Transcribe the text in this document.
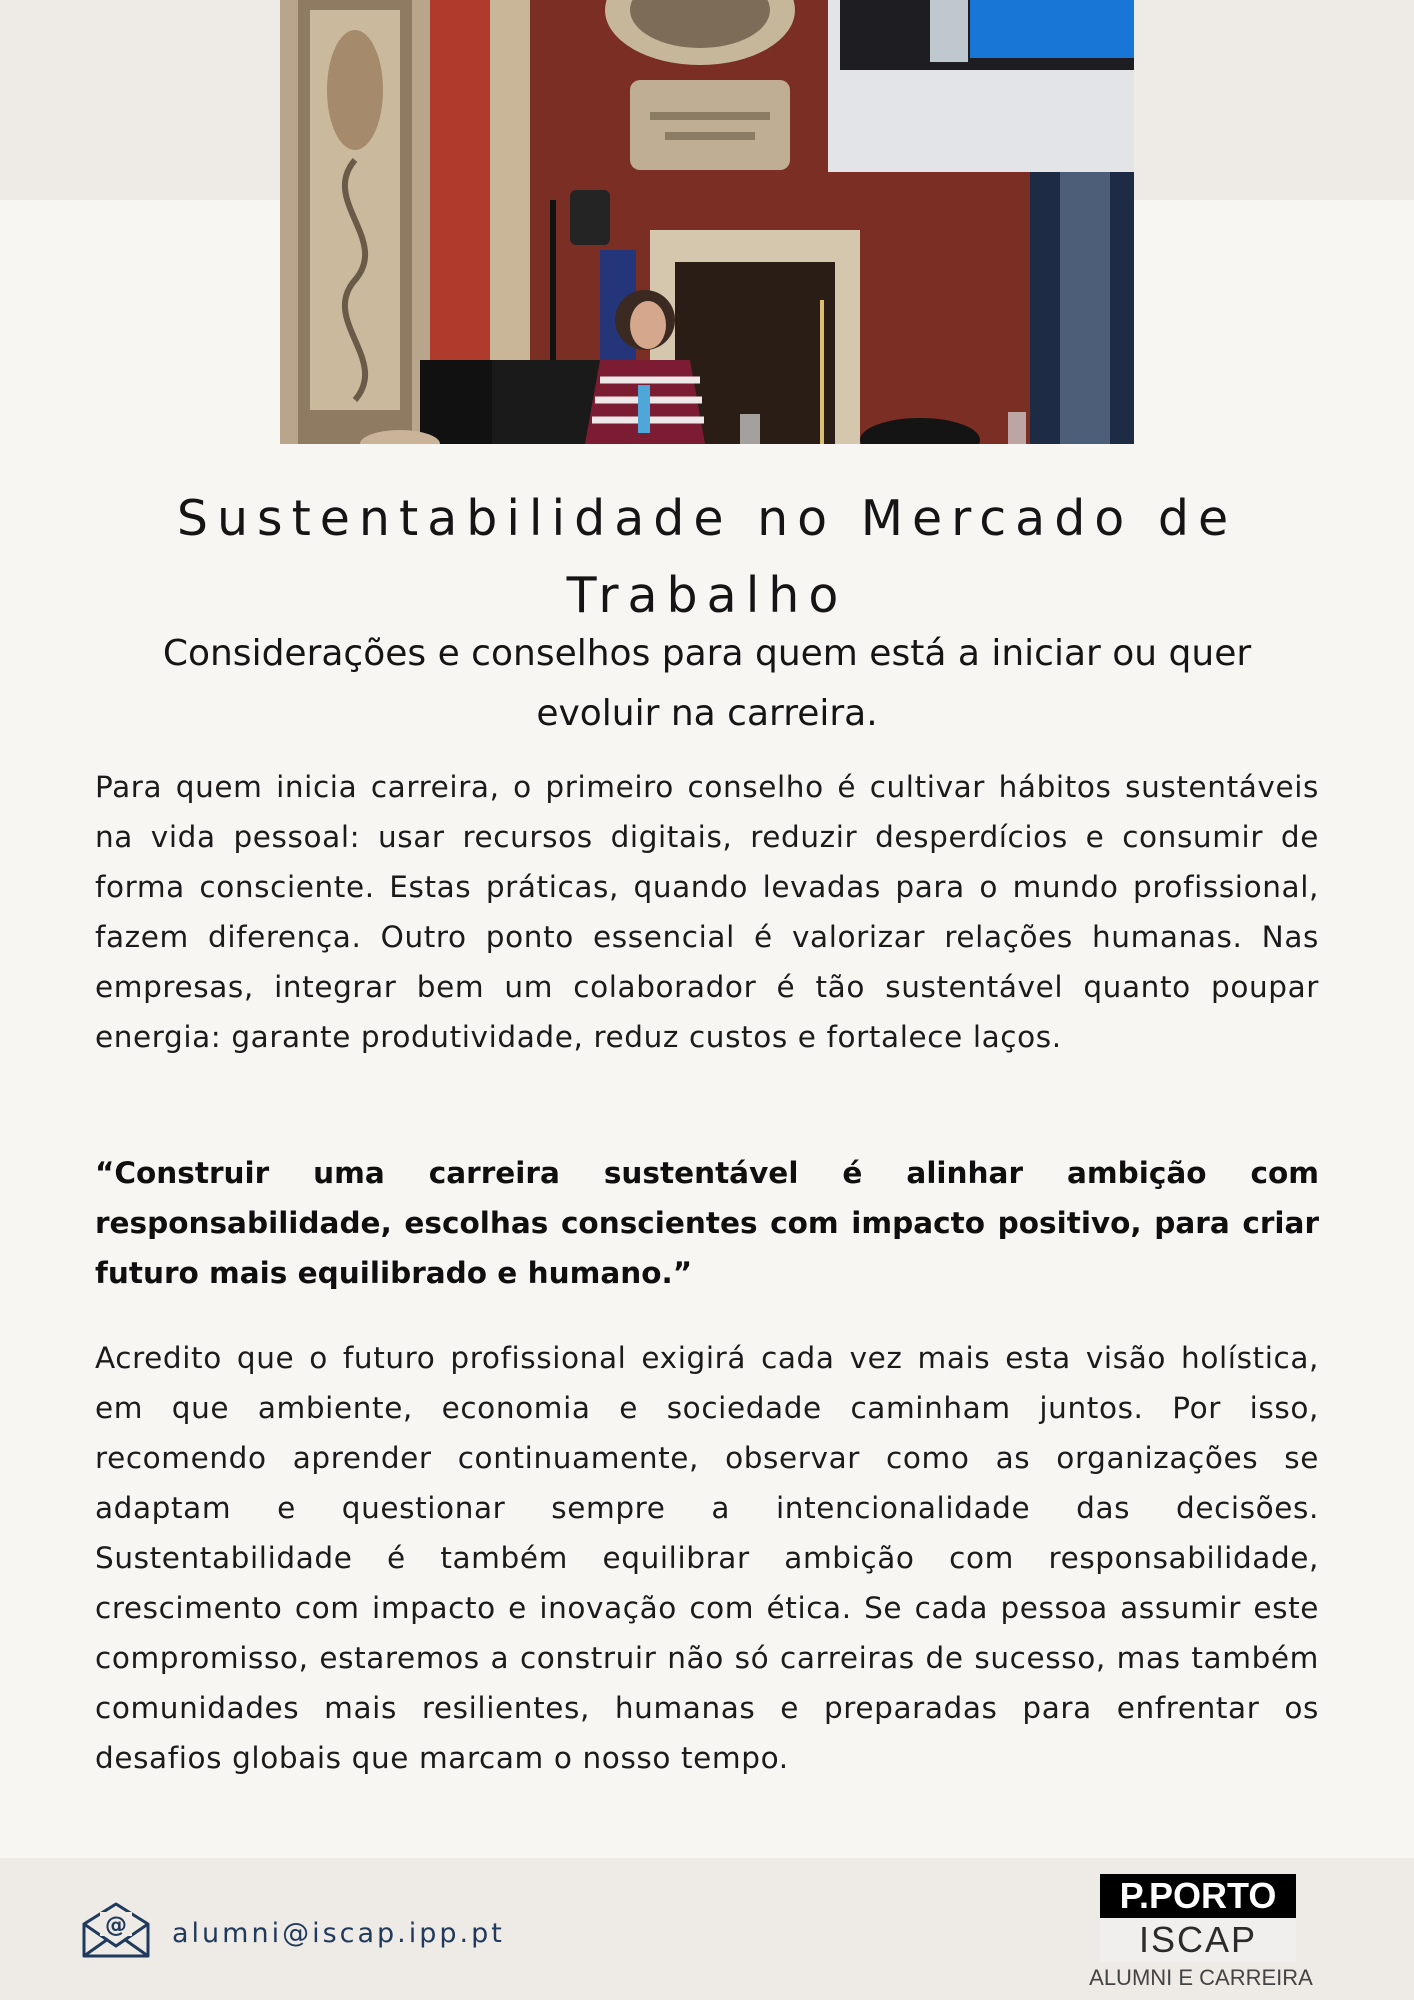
Sustentabilidade no Mercado de Trabalho

Considerações e conselhos para quem está a iniciar ou quer evoluir na carreira.

Para quem inicia carreira, o primeiro conselho é cultivar hábitos sustentáveis na vida pessoal: usar recursos digitais, reduzir desperdícios e consumir de forma consciente. Estas práticas, quando levadas para o mundo profissional, fazem diferença. Outro ponto essencial é valorizar relações humanas. Nas empresas, integrar bem um colaborador é tão sustentável quanto poupar energia: garante produtividade, reduz custos e fortalece laços.

“Construir uma carreira sustentável é alinhar ambição com responsabilidade, escolhas conscientes com impacto positivo, para criar futuro mais equilibrado e humano.”

Acredito que o futuro profissional exigirá cada vez mais esta visão holística, em que ambiente, economia e sociedade caminham juntos. Por isso, recomendo aprender continuamente, observar como as organizações se adaptam e questionar sempre a intencionalidade das decisões. Sustentabilidade é também equilibrar ambição com responsabilidade, crescimento com impacto e inovação com ética. Se cada pessoa assumir este compromisso, estaremos a construir não só carreiras de sucesso, mas também comunidades mais resilientes, humanas e preparadas para enfrentar os desafios globais que marcam o nosso tempo.

@ alumni@iscap.ipp.pt
P.PORTO
ISCAP
ALUMNI E CARREIRA
